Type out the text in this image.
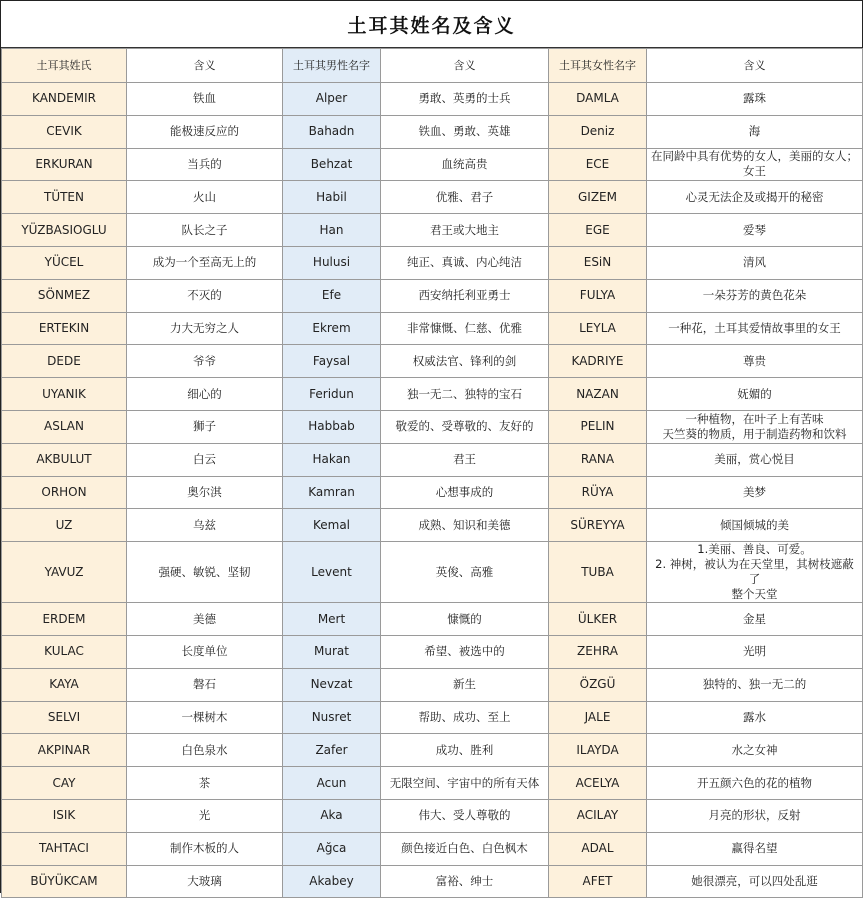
土耳其姓名及含义
土耳其姓氏	含义	土耳其男性名字	含义	土耳其女性名字	含义
KANDEMIR	铁血	Alper	勇敢、英勇的士兵	DAMLA	露珠
CEVIK	能极速反应的	Bahadn	铁血、勇敢、英雄	Deniz	海
ERKURAN	当兵的	Behzat	血统高贵	ECE	在同龄中具有优势的女人，美丽的女人；
女王
TÜTEN	火山	Habil	优雅、君子	GIZEM	心灵无法企及或揭开的秘密
YÜZBASIOGLU	队长之子	Han	君王或大地主	EGE	爱琴
YÜCEL	成为一个至高无上的	Hulusi	纯正、真诚、内心纯洁	ESiN	清风
SÖNMEZ	不灭的	Efe	西安纳托利亚勇士	FULYA	一朵芬芳的黄色花朵
ERTEKIN	力大无穷之人	Ekrem	非常慷慨、仁慈、优雅	LEYLA	一种花，土耳其爱情故事里的女王
DEDE	爷爷	Faysal	权威法官、锋利的剑	KADRIYE	尊贵
UYANIK	细心的	Feridun	独一无二、独特的宝石	NAZAN	妩媚的
ASLAN	狮子	Habbab	敬爱的、受尊敬的、友好的	PELIN	一种植物，在叶子上有苦味
天竺葵的物质，用于制造药物和饮料
AKBULUT	白云	Hakan	君王	RANA	美丽，赏心悦目
ORHON	奥尔淇	Kamran	心想事成的	RÜYA	美梦
UZ	乌兹	Kemal	成熟、知识和美德	SÜREYYA	倾国倾城的美
YAVUZ	强硬、敏锐、坚韧	Levent	英俊、高雅	TUBA	1.美丽、善良、可爱。
2. 神树，被认为在天堂里，其树枝遮蔽了
整个天堂
ERDEM	美德	Mert	慷慨的	ÜLKER	金星
KULAC	长度单位	Murat	希望、被选中的	ZEHRA	光明
KAYA	磐石	Nevzat	新生	ÖZGÜ	独特的、独一无二的
SELVI	一棵树木	Nusret	帮助、成功、至上	JALE	露水
AKPINAR	白色泉水	Zafer	成功、胜利	ILAYDA	水之女神
CAY	茶	Acun	无限空间、宇宙中的所有天体	ACELYA	开五颜六色的花的植物
ISIK	光	Aka	伟大、受人尊敬的	ACILAY	月亮的形状，反射
TAHTACI	制作木板的人	Ağca	颜色接近白色、白色枫木	ADAL	赢得名望
BÜYÜKCAM	大玻璃	Akabey	富裕、绅士	AFET	她很漂亮，可以四处乱逛
